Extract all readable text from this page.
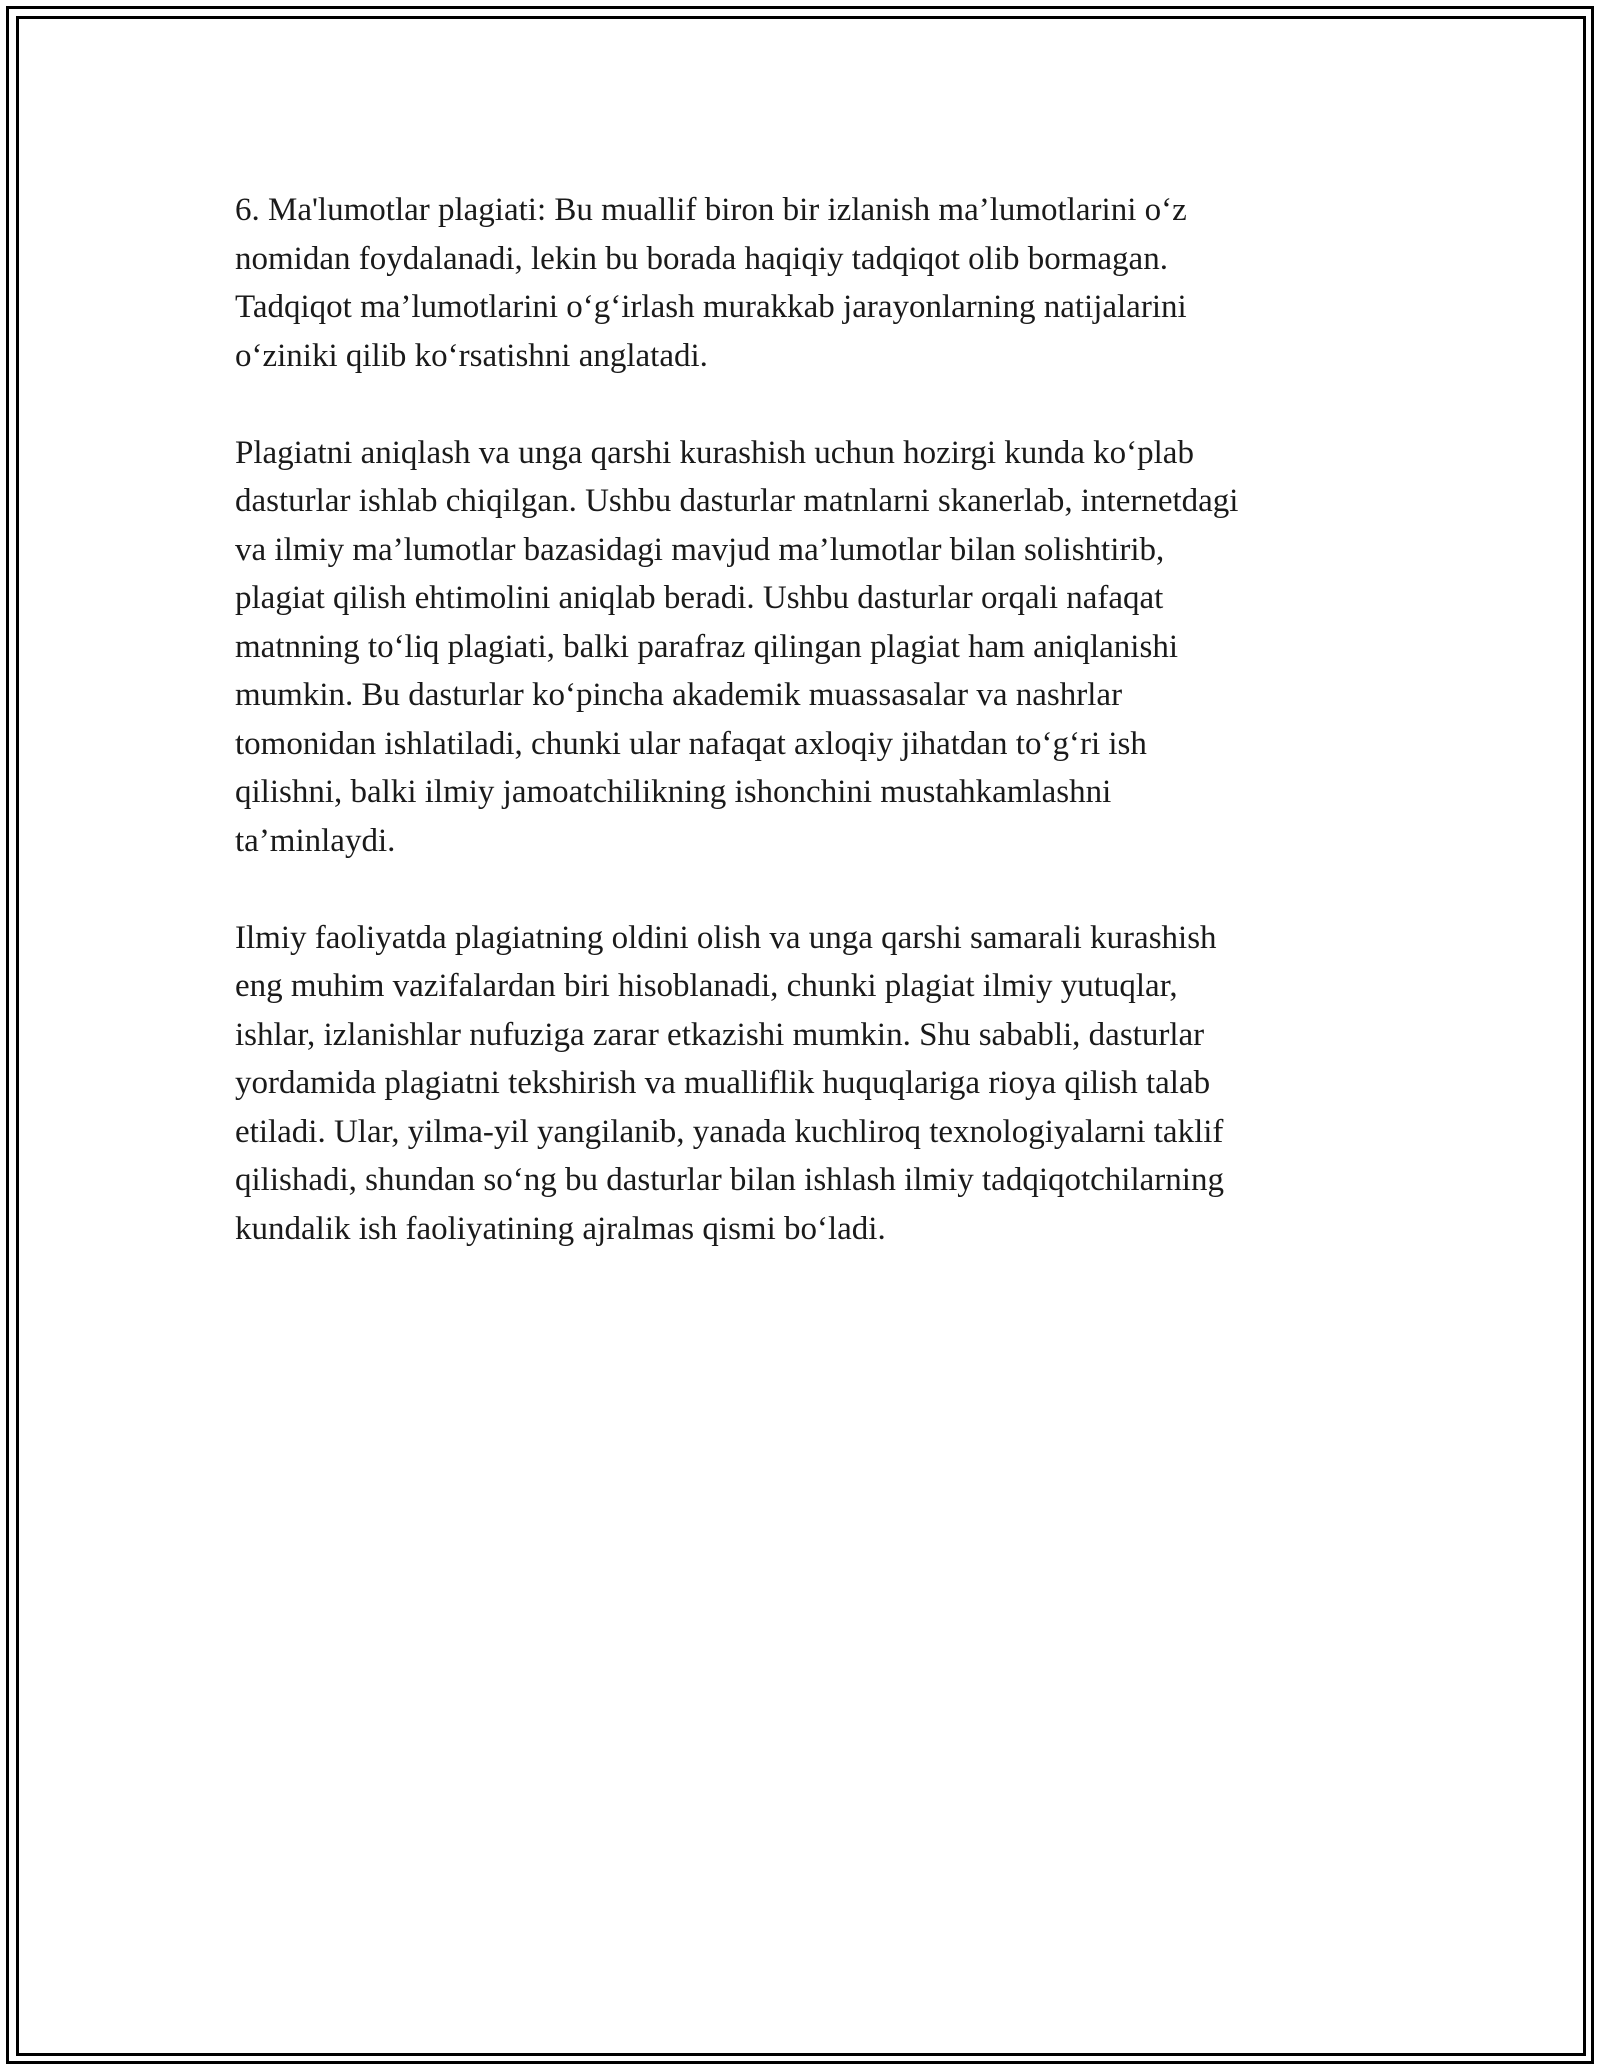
6. Ma'lumotlar plagiati: Bu muallif biron bir izlanish ma’lumotlarini o‘z
nomidan foydalanadi, lekin bu borada haqiqiy tadqiqot olib bormagan.
Tadqiqot ma’lumotlarini o‘g‘irlash murakkab jarayonlarning natijalarini
o‘ziniki qilib ko‘rsatishni anglatadi.

Plagiatni aniqlash va unga qarshi kurashish uchun hozirgi kunda ko‘plab
dasturlar ishlab chiqilgan. Ushbu dasturlar matnlarni skanerlab, internetdagi
va ilmiy ma’lumotlar bazasidagi mavjud ma’lumotlar bilan solishtirib,
plagiat qilish ehtimolini aniqlab beradi. Ushbu dasturlar orqali nafaqat
matnning to‘liq plagiati, balki parafraz qilingan plagiat ham aniqlanishi
mumkin. Bu dasturlar ko‘pincha akademik muassasalar va nashrlar
tomonidan ishlatiladi, chunki ular nafaqat axloqiy jihatdan to‘g‘ri ish
qilishni, balki ilmiy jamoatchilikning ishonchini mustahkamlashni
ta’minlaydi.

Ilmiy faoliyatda plagiatning oldini olish va unga qarshi samarali kurashish
eng muhim vazifalardan biri hisoblanadi, chunki plagiat ilmiy yutuqlar,
ishlar, izlanishlar nufuziga zarar etkazishi mumkin. Shu sababli, dasturlar
yordamida plagiatni tekshirish va mualliflik huquqlariga rioya qilish talab
etiladi. Ular, yilma-yil yangilanib, yanada kuchliroq texnologiyalarni taklif
qilishadi, shundan so‘ng bu dasturlar bilan ishlash ilmiy tadqiqotchilarning
kundalik ish faoliyatining ajralmas qismi bo‘ladi.
